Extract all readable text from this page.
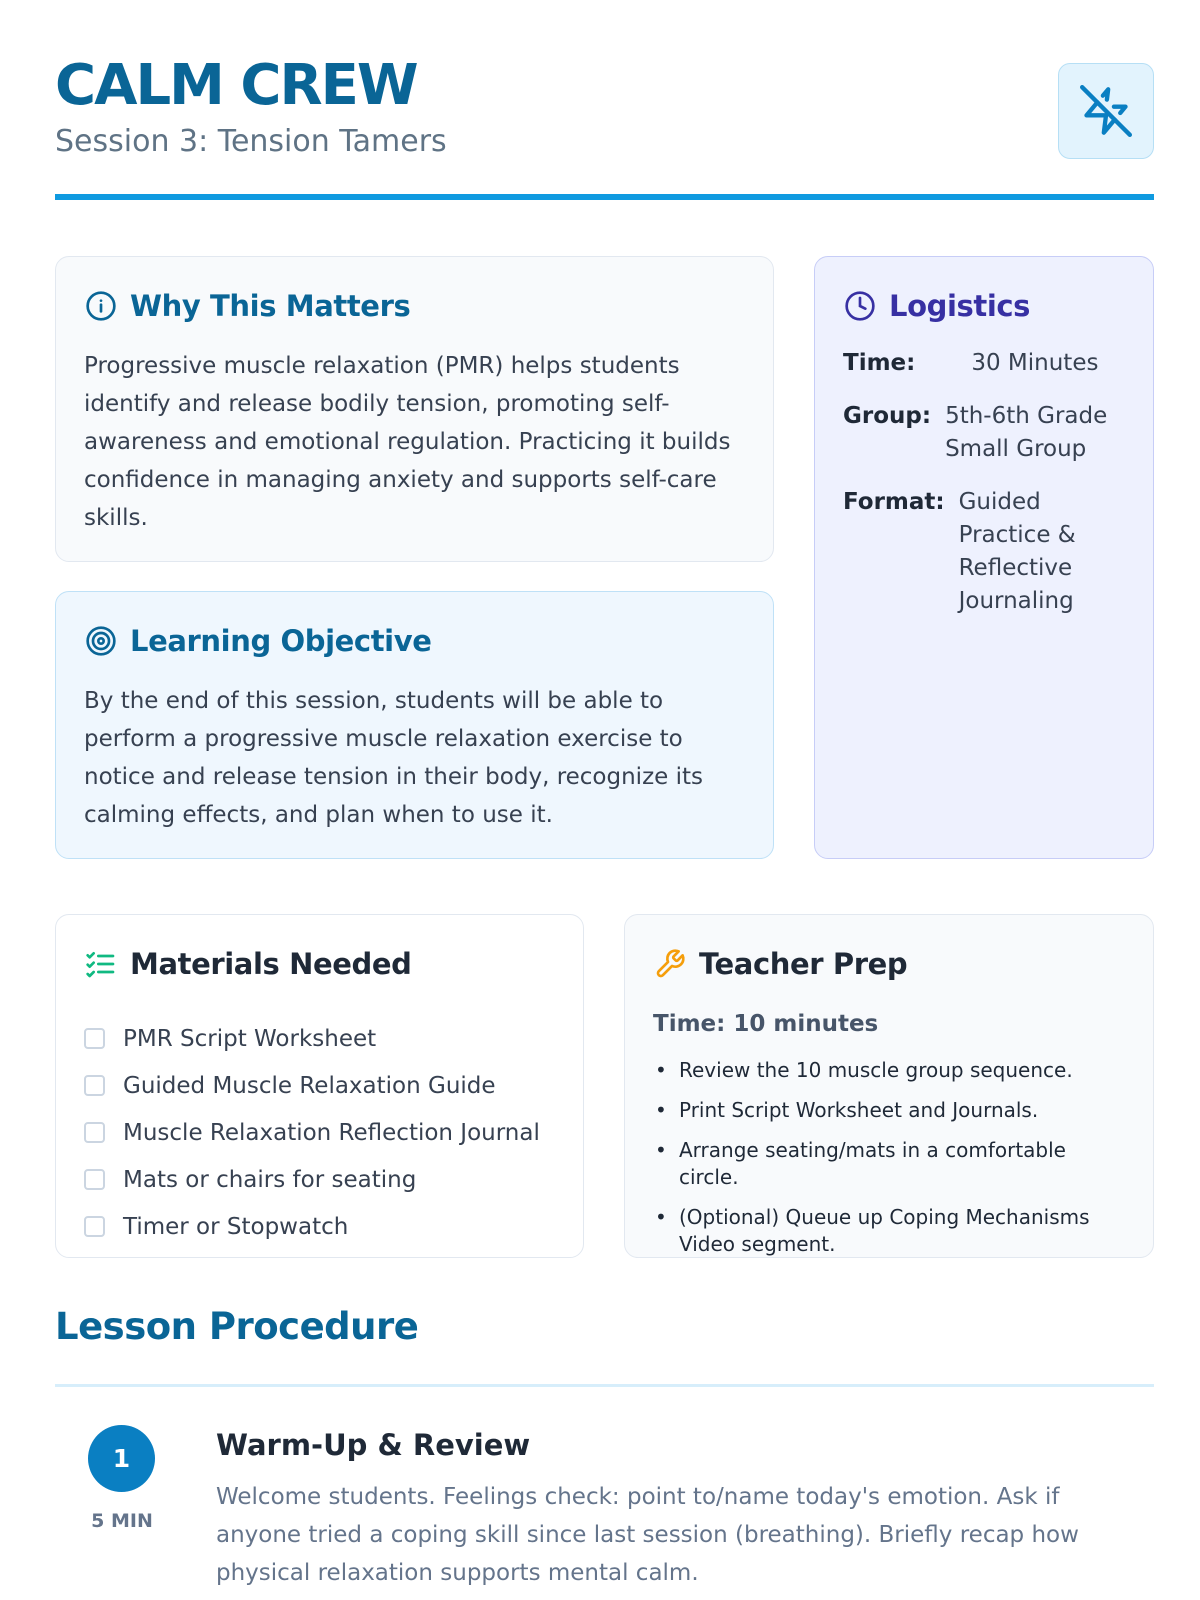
CALM CREW
Session 3: Tension Tamers
Why This Matters
Progressive muscle relaxation (PMR) helps students identify and release bodily tension, promoting self-awareness and emotional regulation. Practicing it builds confidence in managing anxiety and supports self-care skills.
Learning Objective
By the end of this session, students will be able to perform a progressive muscle relaxation exercise to notice and release tension in their body, recognize its calming effects, and plan when to use it.
Logistics
Time: 30 Minutes
Group: 5th-6th Grade Small Group
Format: Guided Practice & Reflective Journaling
Materials Needed
PMR Script Worksheet
Guided Muscle Relaxation Guide
Muscle Relaxation Reflection Journal
Mats or chairs for seating
Timer or Stopwatch
Teacher Prep
Time: 10 minutes
• Review the 10 muscle group sequence.
• Print Script Worksheet and Journals.
• Arrange seating/mats in a comfortable circle.
• (Optional) Queue up Coping Mechanisms Video segment.
Lesson Procedure
1
5 MIN
Warm-Up & Review
Welcome students. Feelings check: point to/name today's emotion. Ask if anyone tried a coping skill since last session (breathing). Briefly recap how physical relaxation supports mental calm.
